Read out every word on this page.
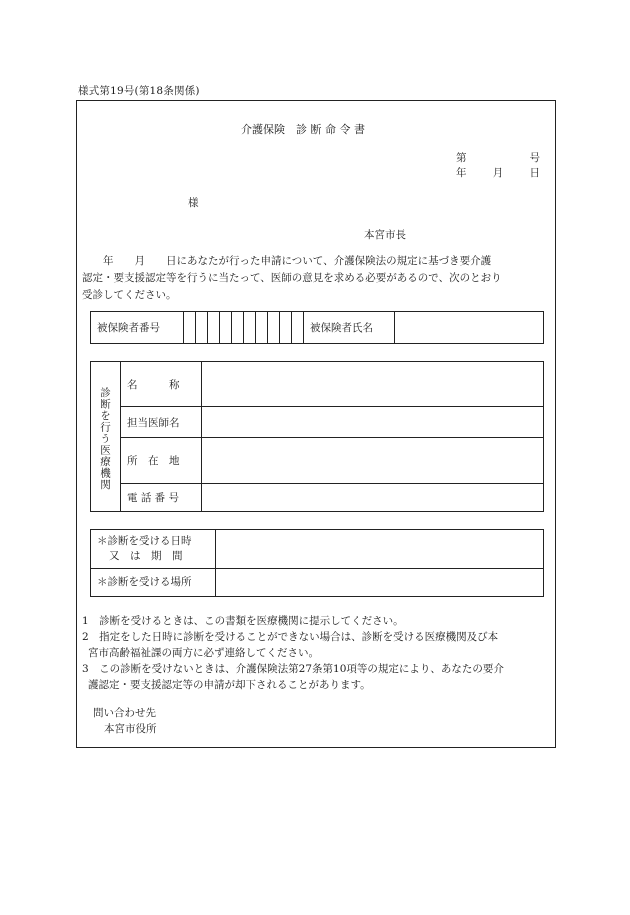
様式第19号(第18条関係)
介護保険　診 断 命 令 書
第	号
年	月	日
様
本宮市長

　　年　　月　　日にあなたが行った申請について、介護保険法の規定に基づき要介護

認定・要支援認定等を行うに当たって、医師の意見を求める必要があるので、次のとおり

受診してください。

被保険者番号											被保険者氏名	
診断を行う医療機関	名　　　称	
	担当医師名	
	所　在　地	
	電 話 番 号	
＊診断を受ける日時
又　は　期　間	

＊診断を受ける場所	

1　診断を受けるときは、この書類を医療機関に提示してください。

2　指定をした日時に診断を受けることができない場合は、診断を受ける医療機関及び本

宮市高齢福祉課の両方に必ず連絡してください。

3　この診断を受けないときは、介護保険法第27条第10項等の規定により、あなたの要介

護認定・要支援認定等の申請が却下されることがあります。

問い合わせ先
本宮市役所
